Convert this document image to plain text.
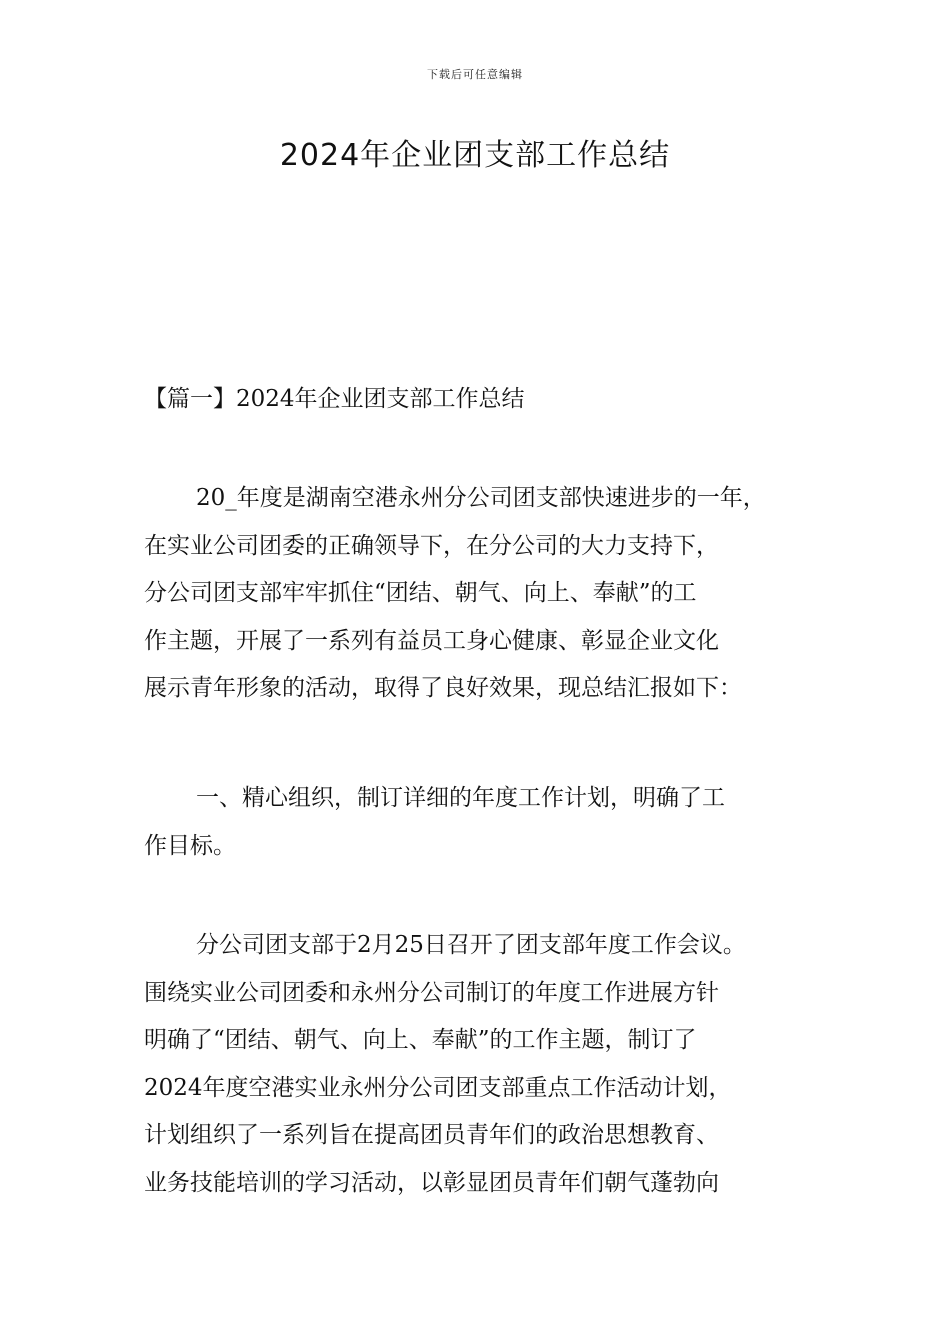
下载后可任意编辑
2024年企业团支部工作总结

【篇一】2024年企业团支部工作总结

20_年度是湖南空港永州分公司团支部快速进步的一年，
在实业公司团委的正确领导下，在分公司的大力支持下，
分公司团支部牢牢抓住“团结、朝气、向上、奉献”的工
作主题，开展了一系列有益员工身心健康、彰显企业文化
展示青年形象的活动，取得了良好效果，现总结汇报如下：
一、精心组织，制订详细的年度工作计划，明确了工
作目标。
分公司团支部于2月25日召开了团支部年度工作会议。
围绕实业公司团委和永州分公司制订的年度工作进展方针
明确了“团结、朝气、向上、奉献”的工作主题，制订了
2024年度空港实业永州分公司团支部重点工作活动计划，
计划组织了一系列旨在提高团员青年们的政治思想教育、
业务技能培训的学习活动，以彰显团员青年们朝气蓬勃向
